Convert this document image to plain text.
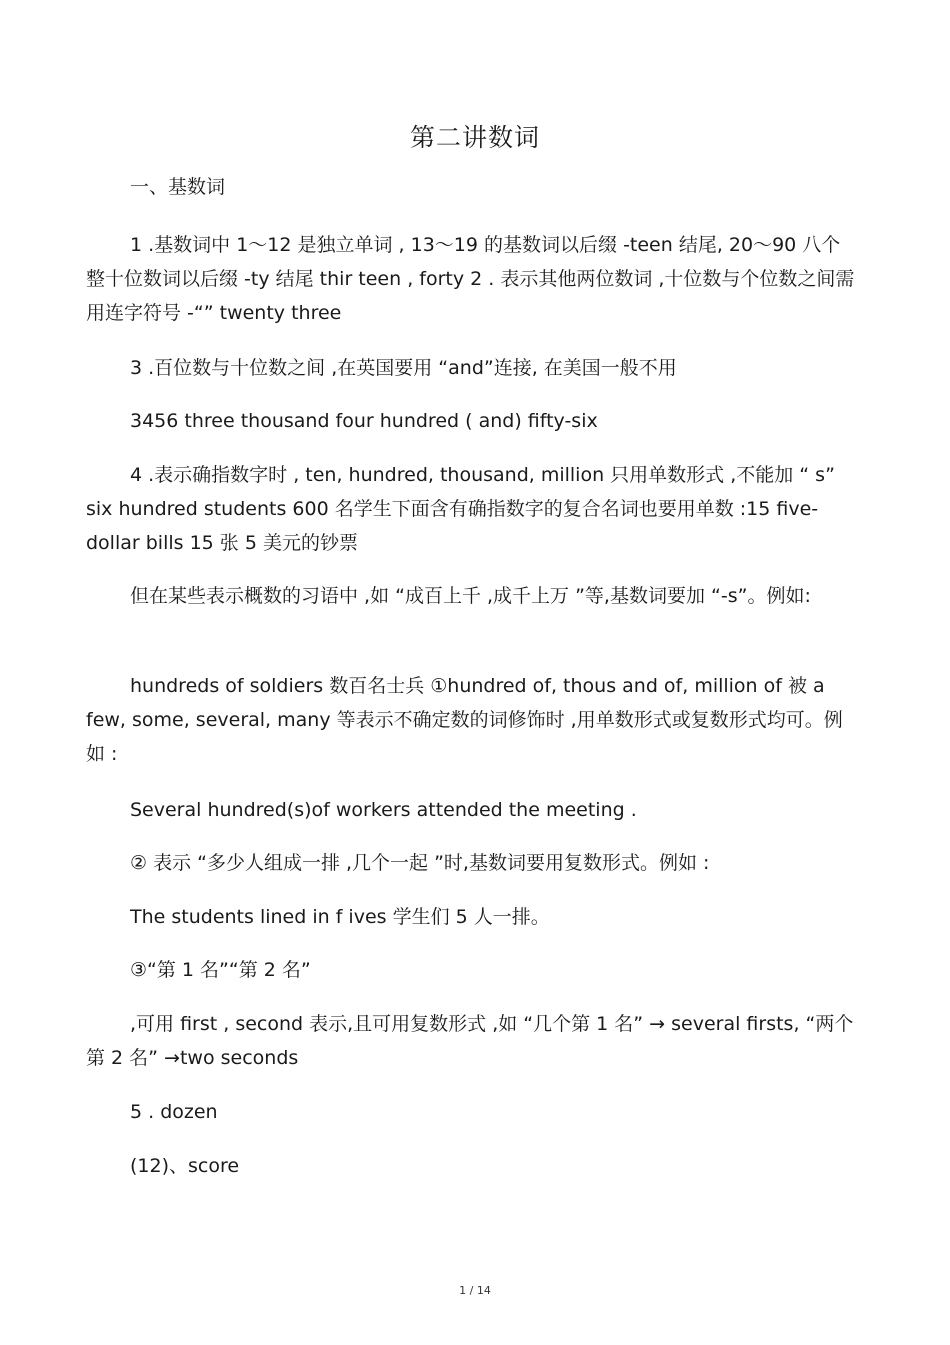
第二讲数词

一、基数词

1 .基数词中 1～12 是独立单词 , 13～19 的基数词以后缀 -teen 结尾, 20～90 八个整十位数词以后缀 -ty 结尾 thir teen , forty 2 . 表示其他两位数词 ,十位数与个位数之间需用连字符号 -“” twenty three

3 .百位数与十位数之间 ,在英国要用 “and”连接, 在美国一般不用

3456 three thousand four hundred ( and) fifty-six

4 .表示确指数字时 , ten, hundred, thousand, million 只用单数形式 ,不能加 “ s” six hundred students 600 名学生下面含有确指数字的复合名词也要用单数 :15 five-dollar bills 15 张 5 美元的钞票

但在某些表示概数的习语中 ,如 “成百上千 ,成千上万 ”等,基数词要加 “-s”。例如:

hundreds of soldiers 数百名士兵 ①hundred of, thous and of, million of 被 a few, some, several, many 等表示不确定数的词修饰时 ,用单数形式或复数形式均可。例如 :

Several hundred(s)of workers attended the meeting .

② 表示 “多少人组成一排 ,几个一起 ”时,基数词要用复数形式。例如 :

The students lined in f ives 学生们 5 人一排。

③“第 1 名”“第 2 名”

,可用 first , second 表示,且可用复数形式 ,如 “几个第 1 名” → several firsts, “两个第 2 名” →two seconds

5 . dozen

(12)、score

1 / 14
